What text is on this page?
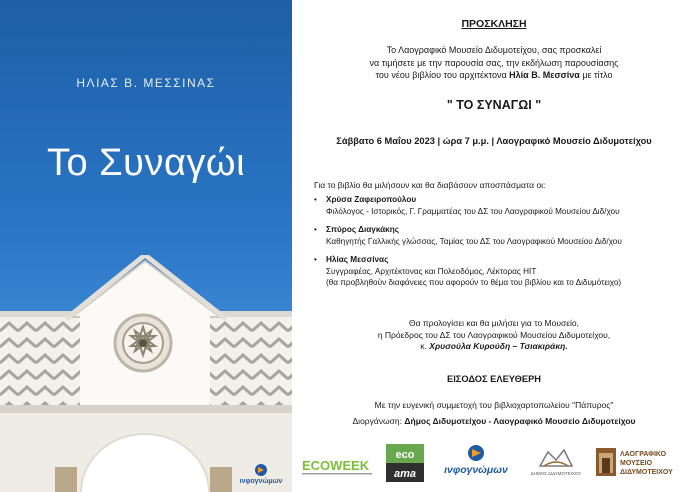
ΗΛΙΑΣ Β. ΜΕΣΣΙΝΑΣ
Το Συναγώι
ινφογνώμων
ΠΡΟΣΚΛΗΣΗ
Το Λαογραφικό Μουσείο Διδυμοτείχου, σας προσκαλεί
να τιμήσετε με την παρουσία σας, την εκδήλωση παρουσίασης
του νέου βιβλίου του αρχιτέκτονα Ηλία Β. Μεσσίνα με τίτλο
" ΤΟ ΣΥΝΑΓΩΙ "
Σάββατο 6 Μαΐου 2023 | ώρα 7 μ.μ. | Λαογραφικό Μουσείο Διδυμοτείχου
Για το βιβλίο θα μιλήσουν και θα διαβάσουν αποσπάσματα οι:
• Χρύσα Ζαφειροπούλου
Φιλόλογος - Ιστορικός, Γ. Γραμματέας του ΔΣ του Λαογραφικού Μουσείου Διδ/χου
• Σπύρος Διαγκάκης
Καθηγητής Γαλλικής γλώσσας, Ταμίας του ΔΣ του Λαογραφικού Μουσείου Διδ/χου
• Ηλίας Μεσσίνας
Συγγραφέας, Αρχιτέκτονας και Πολεοδόμος, Λέκτορας ΗΙΤ
(θα προβληθούν διαφάνειες που αφορούν το θέμα του βιβλίου και το Διδυμότειχο)
Θα προλογίσει και θα μιλήσει για το Μουσείο,
η Πρόεδρος του ΔΣ του Λαογραφικού Μουσείου Διδυμοτείχου,
κ. Χρυσούλα Κυρούδη – Τσιακιράκη.
ΕΙΣΟΔΟΣ ΕΛΕΥΘΕΡΗ
Με την ευγενική συμμετοχή του βιβλιοχαρτοπωλείου "Πάπυρος"
Διοργάνωση: Δήμος Διδυμοτείχου - Λαογραφικό Μουσείο Διδυμοτείχου
ECOWEEK
eco
ama	ινφογνώμων	ΔΗΜΟΣ ΔΙΔΥΜΟΤΕΙΧΟΥ
ΛΑΟΓΡΑΦΙΚΟ
ΜΟΥΣΕΙΟ
ΔΙΔΥΜΟΤΕΙΧΟΥ
